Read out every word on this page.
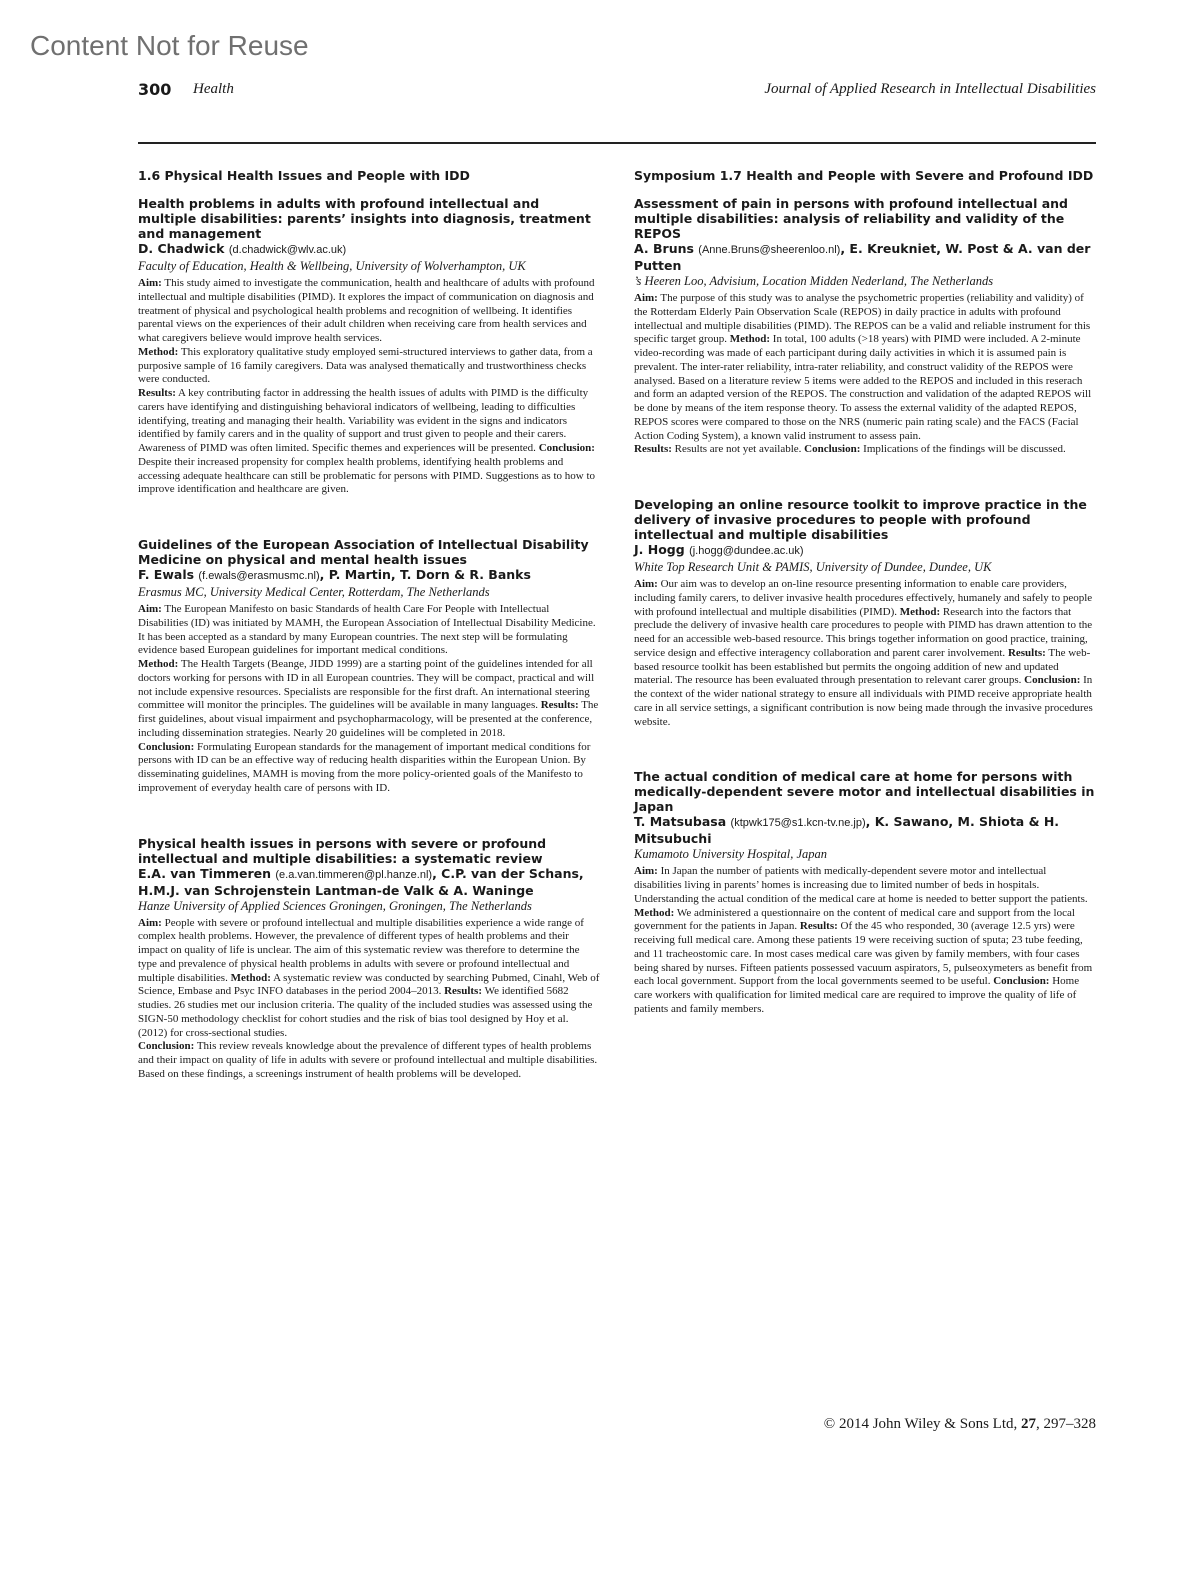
Content Not for Reuse
300 Health	Journal of Applied Research in Intellectual Disabilities
1.6 Physical Health Issues and People with IDD
Health problems in adults with profound intellectual and multiple disabilities: parents’ insights into diagnosis, treatment and management

D. Chadwick (d.chadwick@wlv.ac.uk)

Faculty of Education, Health & Wellbeing, University of Wolverhampton, UK

Aim: This study aimed to investigate the communication, health and healthcare of adults with profound intellectual and multiple disabilities (PIMD). It explores the impact of communication on diagnosis and treatment of physical and psychological health problems and recognition of wellbeing. It identifies parental views on the experiences of their adult children when receiving care from health services and what caregivers believe would improve health services.
Method: This exploratory qualitative study employed semi-structured interviews to gather data, from a purposive sample of 16 family caregivers. Data was analysed thematically and trustworthiness checks were conducted.
Results: A key contributing factor in addressing the health issues of adults with PIMD is the difficulty carers have identifying and distinguishing behavioral indicators of wellbeing, leading to difficulties identifying, treating and managing their health. Variability was evident in the signs and indicators identified by family carers and in the quality of support and trust given to people and their carers. Awareness of PIMD was often limited. Specific themes and experiences will be presented. Conclusion: Despite their increased propensity for complex health problems, identifying health problems and accessing adequate healthcare can still be problematic for persons with PIMD. Suggestions as to how to improve identification and healthcare are given.

Guidelines of the European Association of Intellectual Disability Medicine on physical and mental health issues

F. Ewals (f.ewals@erasmusmc.nl), P. Martin, T. Dorn & R. Banks

Erasmus MC, University Medical Center, Rotterdam, The Netherlands

Aim: The European Manifesto on basic Standards of health Care For People with Intellectual Disabilities (ID) was initiated by MAMH, the European Association of Intellectual Disability Medicine. It has been accepted as a standard by many European countries. The next step will be formulating evidence based European guidelines for important medical conditions.
Method: The Health Targets (Beange, JIDD 1999) are a starting point of the guidelines intended for all doctors working for persons with ID in all European countries. They will be compact, practical and will not include expensive resources. Specialists are responsible for the first draft. An international steering committee will monitor the principles. The guidelines will be available in many languages. Results: The first guidelines, about visual impairment and psychopharmacology, will be presented at the conference, including dissemination strategies. Nearly 20 guidelines will be completed in 2018.
Conclusion: Formulating European standards for the management of important medical conditions for persons with ID can be an effective way of reducing health disparities within the European Union. By disseminating guidelines, MAMH is moving from the more policy-oriented goals of the Manifesto to improvement of everyday health care of persons with ID.

Physical health issues in persons with severe or profound intellectual and multiple disabilities: a systematic review

E.A. van Timmeren (e.a.van.timmeren@pl.hanze.nl), C.P. van der Schans, H.M.J. van Schrojenstein Lantman-de Valk & A. Waninge

Hanze University of Applied Sciences Groningen, Groningen, The Netherlands

Aim: People with severe or profound intellectual and multiple disabilities experience a wide range of complex health problems. However, the prevalence of different types of health problems and their impact on quality of life is unclear. The aim of this systematic review was therefore to determine the type and prevalence of physical health problems in adults with severe or profound intellectual and multiple disabilities. Method: A systematic review was conducted by searching Pubmed, Cinahl, Web of Science, Embase and Psyc INFO databases in the period 2004–2013. Results: We identified 5682 studies. 26 studies met our inclusion criteria. The quality of the included studies was assessed using the SIGN-50 methodology checklist for cohort studies and the risk of bias tool designed by Hoy et al. (2012) for cross-sectional studies.
Conclusion: This review reveals knowledge about the prevalence of different types of health problems and their impact on quality of life in adults with severe or profound intellectual and multiple disabilities. Based on these findings, a screenings instrument of health problems will be developed.

Symposium 1.7 Health and People with Severe and Profound IDD
Assessment of pain in persons with profound intellectual and multiple disabilities: analysis of reliability and validity of the REPOS

A. Bruns (Anne.Bruns@sheerenloo.nl), E. Kreukniet, W. Post & A. van der Putten

’s Heeren Loo, Advisium, Location Midden Nederland, The Netherlands

Aim: The purpose of this study was to analyse the psychometric properties (reliability and validity) of the Rotterdam Elderly Pain Observation Scale (REPOS) in daily practice in adults with profound intellectual and multiple disabilities (PIMD). The REPOS can be a valid and reliable instrument for this specific target group. Method: In total, 100 adults (>18 years) with PIMD were included. A 2-minute video-recording was made of each participant during daily activities in which it is assumed pain is prevalent. The inter-rater reliability, intra-rater reliability, and construct validity of the REPOS were analysed. Based on a literature review 5 items were added to the REPOS and included in this reserach and form an adapted version of the REPOS. The construction and validation of the adapted REPOS will be done by means of the item response theory. To assess the external validity of the adapted REPOS, REPOS scores were compared to those on the NRS (numeric pain rating scale) and the FACS (Facial Action Coding System), a known valid instrument to assess pain.
Results: Results are not yet available. Conclusion: Implications of the findings will be discussed.

Developing an online resource toolkit to improve practice in the delivery of invasive procedures to people with profound intellectual and multiple disabilities

J. Hogg (j.hogg@dundee.ac.uk)

White Top Research Unit & PAMIS, University of Dundee, Dundee, UK

Aim: Our aim was to develop an on-line resource presenting information to enable care providers, including family carers, to deliver invasive health procedures effectively, humanely and safely to people with profound intellectual and multiple disabilities (PIMD). Method: Research into the factors that preclude the delivery of invasive health care procedures to people with PIMD has drawn attention to the need for an accessible web-based resource. This brings together information on good practice, training, service design and effective interagency collaboration and parent carer involvement. Results: The web-based resource toolkit has been established but permits the ongoing addition of new and updated material. The resource has been evaluated through presentation to relevant carer groups. Conclusion: In the context of the wider national strategy to ensure all individuals with PIMD receive appropriate health care in all service settings, a significant contribution is now being made through the invasive procedures website.

The actual condition of medical care at home for persons with medically-dependent severe motor and intellectual disabilities in Japan

T. Matsubasa (ktpwk175@s1.kcn-tv.ne.jp), K. Sawano, M. Shiota & H. Mitsubuchi

Kumamoto University Hospital, Japan

Aim: In Japan the number of patients with medically-dependent severe motor and intellectual disabilities living in parents’ homes is increasing due to limited number of beds in hospitals. Understanding the actual condition of the medical care at home is needed to better support the patients. Method: We administered a questionnaire on the content of medical care and support from the local government for the patients in Japan. Results: Of the 45 who responded, 30 (average 12.5 yrs) were receiving full medical care. Among these patients 19 were receiving suction of sputa; 23 tube feeding, and 11 tracheostomic care. In most cases medical care was given by family members, with four cases being shared by nurses. Fifteen patients possessed vacuum aspirators, 5, pulseoxymeters as benefit from each local government. Support from the local governments seemed to be useful. Conclusion: Home care workers with qualification for limited medical care are required to improve the quality of life of patients and family members.

© 2014 John Wiley & Sons Ltd, 27, 297–328
